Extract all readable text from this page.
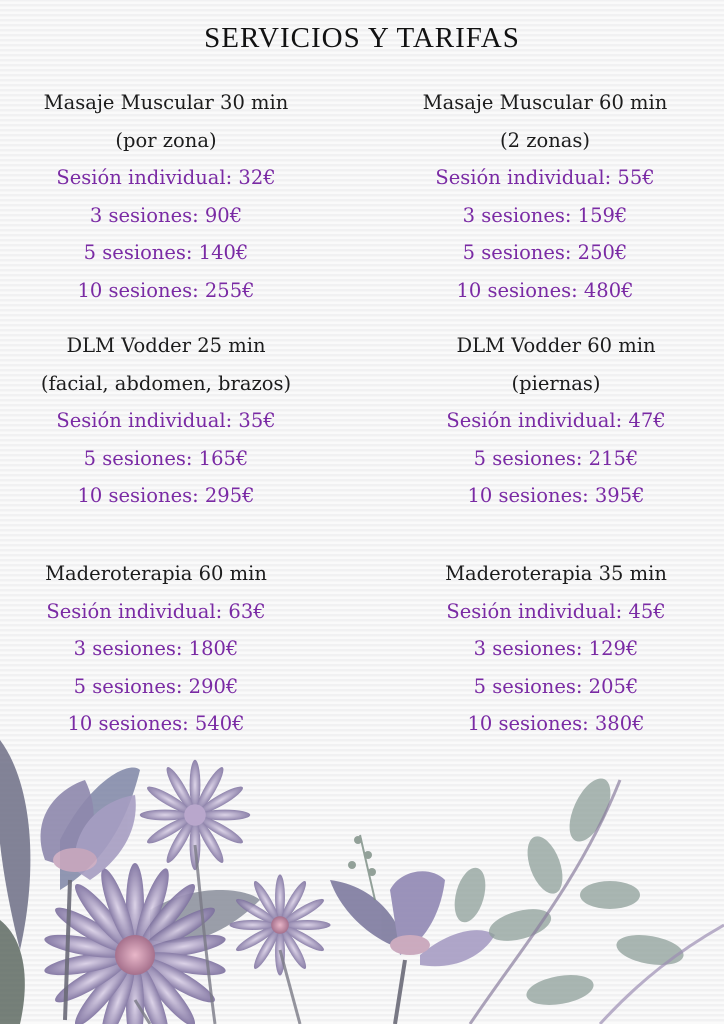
SERVICIOS Y TARIFAS
Masaje Muscular 30 min
(por zona)
Sesión individual: 32€
3 sesiones: 90€
5 sesiones: 140€
10 sesiones: 255€
Masaje Muscular 60 min
(2 zonas)
Sesión individual: 55€
3 sesiones: 159€
5 sesiones: 250€
10 sesiones: 480€
DLM Vodder 25 min
(facial, abdomen, brazos)
Sesión individual: 35€
5 sesiones: 165€
10 sesiones: 295€
DLM Vodder 60 min
(piernas)
Sesión individual: 47€
5 sesiones: 215€
10 sesiones: 395€
Maderoterapia 60 min
Sesión individual: 63€
3 sesiones: 180€
5 sesiones: 290€
10 sesiones: 540€
Maderoterapia 35 min
Sesión individual: 45€
3 sesiones: 129€
5 sesiones: 205€
10 sesiones: 380€
